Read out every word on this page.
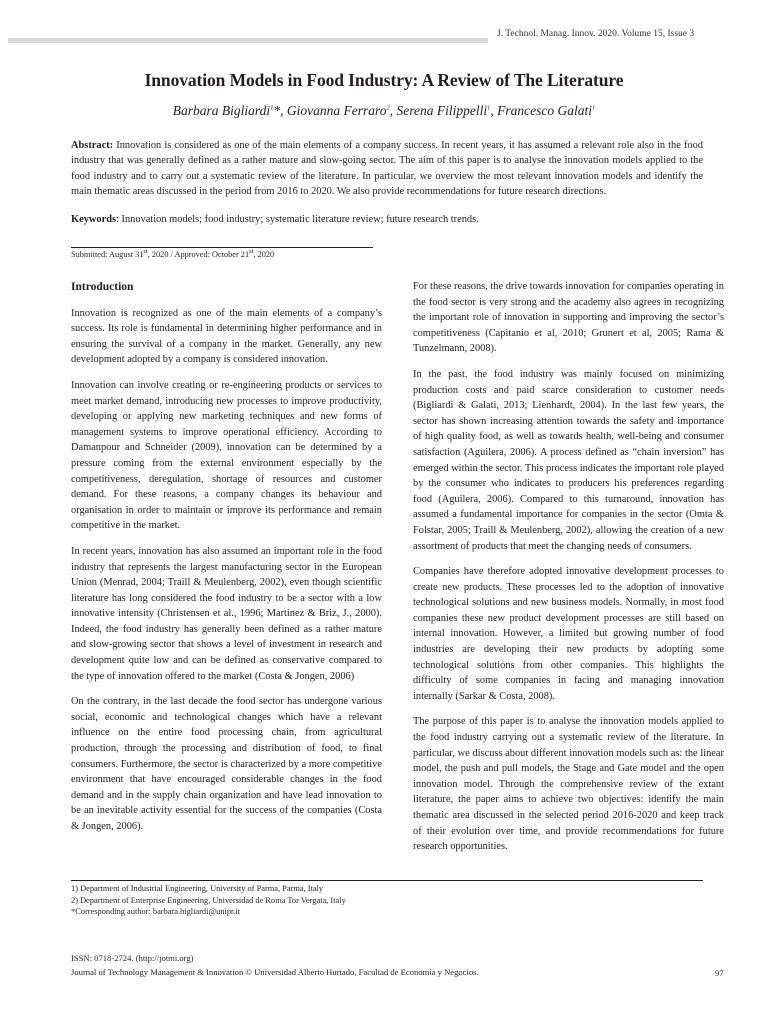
J. Technol. Manag. Innov. 2020. Volume 15, Issue 3
Innovation Models in Food Industry: A Review of The Literature
Barbara Bigliardi$^1$*, Giovanna Ferraro$^2$, Serena Filippelli$^1$, Francesco Galati$^1$
Abstract: Innovation is considered as one of the main elements of a company success. In recent years, it has assumed a relevant role also in the food industry that was generally defined as a rather mature and slow-going sector. The aim of this paper is to analyse the innovation models applied to the food industry and to carry out a systematic review of the literature. In particular, we overview the most relevant innovation models and identify the main thematic areas discussed in the period from 2016 to 2020. We also provide recommendations for future research directions.
Keywords: Innovation models; food industry; systematic literature review; future research trends.
Submitted: August 31st, 2020 / Approved: October 21st, 2020
Introduction

Innovation is recognized as one of the main elements of a company’s success. Its role is fundamental in determining higher performance and in ensuring the survival of a company in the market. Generally, any new development adopted by a company is considered innovation.

Innovation can involve creating or re-engineering products or services to meet market demand, introducing new processes to improve productivity, developing or applying new marketing techniques and new forms of management systems to improve operational efficiency. According to Damanpour and Schneider (2009), innovation can be determined by a pressure coming from the external environment especially by the competitiveness, deregulation, shortage of resources and customer demand. For these reasons, a company changes its behaviour and organisation in order to maintain or improve its performance and remain competitive in the market.

In recent years, innovation has also assumed an important role in the food industry that represents the largest manufacturing sector in the European Union (Menrad, 2004; Traill & Meulenberg, 2002), even though scientific literature has long considered the food industry to be a sector with a low innovative intensity (Christensen et al., 1996; Martinez & Briz, J., 2000). Indeed, the food industry has generally been defined as a rather mature and slow-growing sector that shows a level of investment in research and development quite low and can be defined as conservative compared to the type of innovation offered to the market (Costa & Jongen, 2006)

On the contrary, in the last decade the food sector has undergone various social, economic and technological changes which have a relevant influence on the entire food processing chain, from agricultural production, through the processing and distribution of food, to final consumers. Furthermore, the sector is characterized by a more competitive environment that have encouraged considerable changes in the food demand and in the supply chain organization and have lead innovation to be an inevitable activity essential for the success of the companies (Costa & Jongen, 2006).

For these reasons, the drive towards innovation for companies operating in the food sector is very strong and the academy also agrees in recognizing the important role of innovation in supporting and improving the sector’s competitiveness (Capitanio et al, 2010; Grunert et al, 2005; Rama & Tunzelmann, 2008).

In the past, the food industry was mainly focused on minimizing production costs and paid scarce consideration to customer needs (Bigliardi & Galati, 2013; Lienhardt, 2004). In the last few years, the sector has shown increasing attention towards the safety and importance of high quality food, as well as towards health, well-being and consumer satisfaction (Aguilera, 2006). A process defined as “chain inversion” has emerged within the sector. This process indicates the important role played by the consumer who indicates to producers his preferences regarding food (Aguilera, 2006). Compared to this turnaround, innovation has assumed a fundamental importance for companies in the sector (Omta & Folstar, 2005; Traill & Meulenberg, 2002), allowing the creation of a new assortment of products that meet the changing needs of consumers.

Companies have therefore adopted innovative development processes to create new products. These processes led to the adoption of innovative technological solutions and new business models. Normally, in most food companies these new product development processes are still based on internal innovation. However, a limited but growing number of food industries are developing their new products by adopting some technological solutions from other companies. This highlights the difficulty of some companies in facing and managing innovation internally (Sarkar & Costa, 2008).

The purpose of this paper is to analyse the innovation models applied to the food industry carrying out a systematic review of the literature. In particular, we discuss about different innovation models such as: the linear model, the push and pull models, the Stage and Gate model and the open innovation model. Through the comprehensive review of the extant literature, the paper aims to achieve two objectives: identify the main thematic area discussed in the selected period 2016-2020 and keep track of their evolution over time, and provide recommendations for future research opportunities.

1) Department of Industrial Engineering, University of Parma, Parma, Italy
2) Department of Enterprise Engineering, Universidad de Roma Tor Vergata, Italy
*Corresponding author: barbara.bigliardi@unipr.it
ISSN: 0718-2724. (http://jotmi.org)
Journal of Technology Management & Innovation © Universidad Alberto Hurtado, Facultad de Economía y Negocios.	97
